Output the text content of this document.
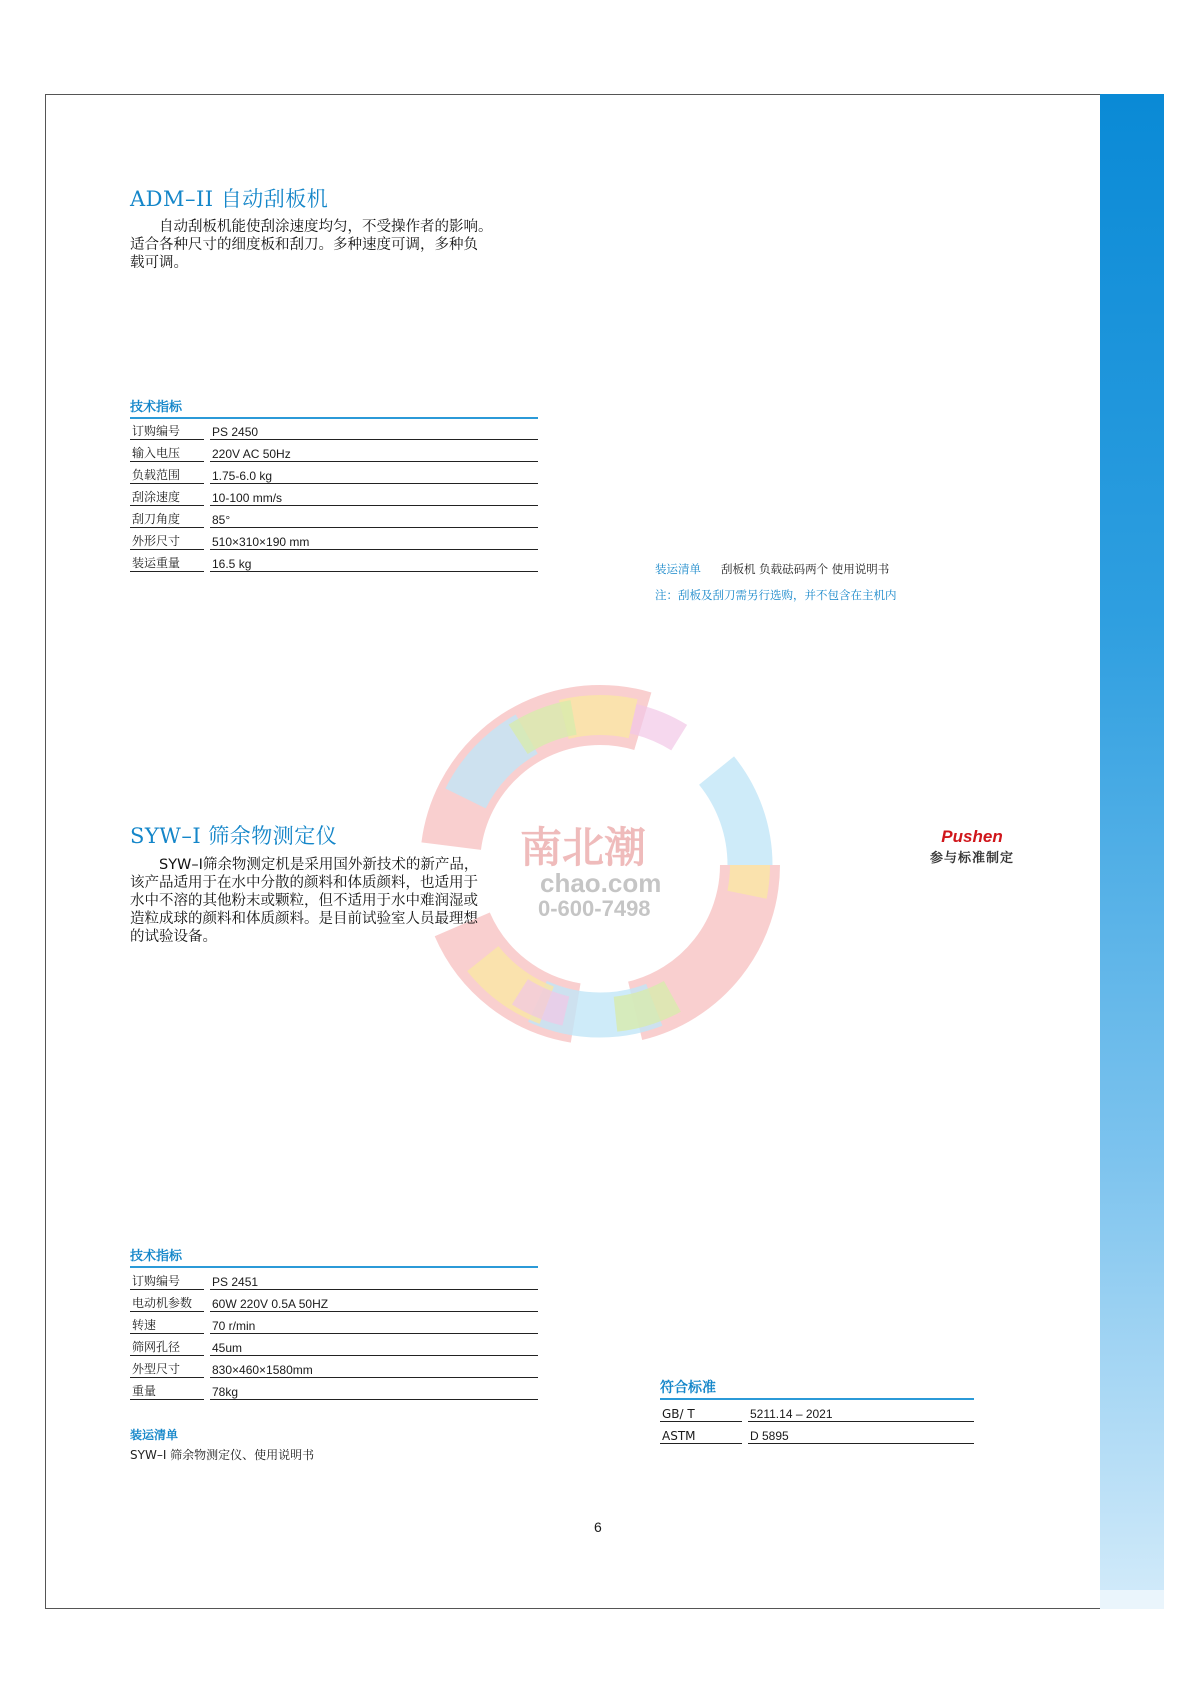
南北潮
chao.com
0-600-7498
ADM–II 自动刮板机

　　自动刮板机能使刮涂速度均匀，不受操作者的影响。
适合各种尺寸的细度板和刮刀。多种速度可调，多种负
载可调。

技术指标
订购编号		PS 2450
输入电压		220V AC 50Hz
负载范围		1.75-6.0 kg
刮涂速度		10-100 mm/s
刮刀角度		85°
外形尺寸		510×310×190 mm
装运重量		16.5 kg	装运清单 刮板机 负载砝码两个 使用说明书
注：刮板及刮刀需另行选购，并不包含在主机内
Pushen
参与标准制定
SYW–I 筛余物测定仪

　　SYW–I筛余物测定机是采用国外新技术的新产品，
该产品适用于在水中分散的颜料和体质颜料，也适用于
水中不溶的其他粉末或颗粒，但不适用于水中难润湿或
造粒成球的颜料和体质颜料。是目前试验室人员最理想
的试验设备。

技术指标
订购编号		PS 2451
电动机参数		60W 220V 0.5A 50HZ
转速		70 r/min
筛网孔径		45um
外型尺寸		830×460×1580mm
重量		78kg
装运清单
SYW–I 筛余物测定仪、使用说明书
符合标准
GB/ T		5211.14 – 2021
ASTM		D 5895
6
